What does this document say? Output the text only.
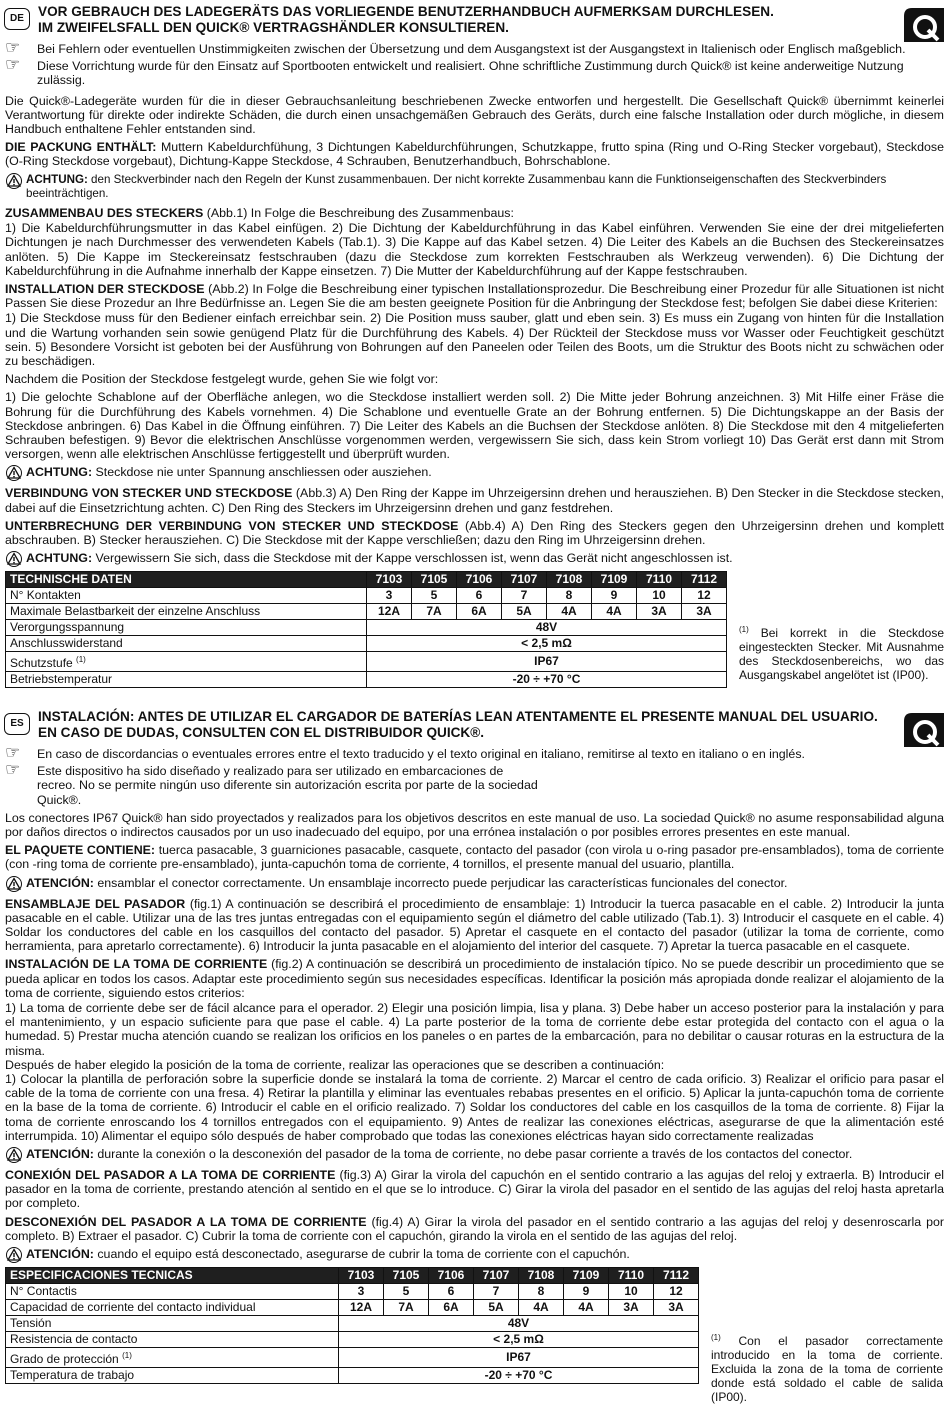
DE	VOR GEBRAUCH DES LADEGERÄTS DAS VORLIEGENDE BENUTZERHANDBUCH AUFMERKSAM DURCHLESEN.
IM ZWEIFELSFALL DEN QUICK® VERTRAGSHÄNDLER KONSULTIEREN.
☞ Bei Fehlern oder eventuellen Unstimmigkeiten zwischen der Übersetzung und dem Ausgangstext ist der Ausgangstext in Italienisch oder Englisch maßgeblich.
☞ Diese Vorrichtung wurde für den Einsatz auf Sportbooten entwickelt und realisiert. Ohne schriftliche Zustimmung durch Quick® ist keine anderweitige Nutzung zulässig.

Die Quick®-Ladegeräte wurden für die in dieser Gebrauchsanleitung beschriebenen Zwecke entworfen und hergestellt. Die Gesellschaft Quick® übernimmt keinerlei Verantwortung für direkte oder indirekte Schäden, die durch einen unsachgemäßen Gebrauch des Geräts, durch eine falsche Installation oder durch mögliche, in diesem Handbuch enthaltene Fehler entstanden sind.

DIE PACKUNG ENTHÄLT: Muttern Kabeldurchfühung, 3 Dichtungen Kabeldurchführungen, Schutzkappe, frutto spina (Ring und O-Ring Stecker vorgebaut), Steckdose (O-Ring Steckdose vorgebaut), Dichtung-Kappe Steckdose, 4 Schrauben, Benutzerhandbuch, Bohrschablone.

ACHTUNG: den Steckverbinder nach den Regeln der Kunst zusammenbauen. Der nicht korrekte Zusammenbau kann die Funktionseigenschaften des Steckverbinders beeinträchtigen.

ZUSAMMENBAU DES STECKERS (Abb.1) In Folge die Beschreibung des Zusammenbaus:

1) Die Kabeldurchführungsmutter in das Kabel einfügen. 2) Die Dichtung der Kabeldurchführung in das Kabel einführen. Verwenden Sie eine der drei mitgelieferten Dichtungen je nach Durchmesser des verwendeten Kabels (Tab.1). 3) Die Kappe auf das Kabel setzen. 4) Die Leiter des Kabels an die Buchsen des Steckereinsatzes anlöten. 5) Die Kappe im Steckereinsatz festschrauben (dazu die Steckdose zum korrekten Festschrauben als Werkzeug verwenden). 6) Die Dichtung der Kabeldurchführung in die Aufnahme innerhalb der Kappe einsetzen. 7) Die Mutter der Kabeldurchführung auf der Kappe festschrauben.

INSTALLATION DER STECKDOSE (Abb.2) In Folge die Beschreibung einer typischen Installationsprozedur. Die Beschreibung einer Prozedur für alle Situationen ist nicht Passen Sie diese Prozedur an Ihre Bedürfnisse an. Legen Sie die am besten geeignete Position für die Anbringung der Steckdose fest; befolgen Sie dabei diese Kriterien:

1) Die Steckdose muss für den Bediener einfach erreichbar sein. 2) Die Position muss sauber, glatt und eben sein. 3) Es muss ein Zugang von hinten für die Installation und die Wartung vorhanden sein sowie genügend Platz für die Durchführung des Kabels. 4) Der Rückteil der Steckdose muss vor Wasser oder Feuchtigkeit geschützt sein. 5) Besondere Vorsicht ist geboten bei der Ausführung von Bohrungen auf den Paneelen oder Teilen des Boots, um die Struktur des Boots nicht zu schwächen oder zu beschädigen.

Nachdem die Position der Steckdose festgelegt wurde, gehen Sie wie folgt vor:

1) Die gelochte Schablone auf der Oberfläche anlegen, wo die Steckdose installiert werden soll. 2) Die Mitte jeder Bohrung anzeichnen. 3) Mit Hilfe einer Fräse die Bohrung für die Durchführung des Kabels vornehmen. 4) Die Schablone und eventuelle Grate an der Bohrung entfernen. 5) Die Dichtungskappe an der Basis der Steckdose anbringen. 6) Das Kabel in die Öffnung einführen. 7) Die Leiter des Kabels an die Buchsen der Steckdose anlöten. 8) Die Steckdose mit den 4 mitgelieferten Schrauben befestigen. 9) Bevor die elektrischen Anschlüsse vorgenommen werden, vergewissern Sie sich, dass kein Strom vorliegt 10) Das Gerät erst dann mit Strom versorgen, wenn alle elektrischen Anschlüsse fertiggestellt und überprüft wurden.

ACHTUNG: Steckdose nie unter Spannung anschliessen oder ausziehen.

VERBINDUNG VON STECKER UND STECKDOSE (Abb.3) A) Den Ring der Kappe im Uhrzeigersinn drehen und herausziehen. B) Den Stecker in die Steckdose stecken, dabei auf die Einsetzrichtung achten. C) Den Ring des Steckers im Uhrzeigersinn drehen und ganz festdrehen.

UNTERBRECHUNG DER VERBINDUNG VON STECKER UND STECKDOSE (Abb.4) A) Den Ring des Steckers gegen den Uhrzeigersinn drehen und komplett abschrauben. B) Stecker herausziehen. C) Die Steckdose mit der Kappe verschließen; dazu den Ring im Uhrzeigersinn drehen.

ACHTUNG: Vergewissern Sie sich, dass die Steckdose mit der Kappe verschlossen ist, wenn das Gerät nicht angeschlossen ist.
TECHNISCHE DATEN	7103	7105	7106	7107	7108	7109	7110	7112
N° Kontakten	3	5	6	7	8	9	10	12
Maximale Belastbarkeit der einzelne Anschluss	12A	7A	6A	5A	4A	4A	3A	3A
Verorgungsspannung	48V							
Anschlusswiderstand	< 2,5 mΩ							
Schutzstufe $^{(1)}$	IP67							
Betriebstemperatur	-20 ÷ +70 °C							
$^{(1)}$ Bei korrekt in die Steckdose eingesteckten Stecker. Mit Ausnahme des Steckdosenbereichs, wo das Ausgangskabel angelötet ist (IP00).
ES	INSTALACIÓN: ANTES DE UTILIZAR EL CARGADOR DE BATERÍAS LEAN ATENTAMENTE EL PRESENTE MANUAL DEL USUARIO.
EN CASO DE DUDAS, CONSULTEN CON EL DISTRIBUIDOR QUICK®.
☞ En caso de discordancias o eventuales errores entre el texto traducido y el texto original en italiano, remitirse al texto en italiano o en inglés.
☞ Este dispositivo ha sido diseñado y realizado para ser utilizado en embarcaciones de recreo. No se permite ningún uso diferente sin autorización escrita por parte de la sociedad Quick®.

Los conectores IP67 Quick® han sido proyectados y realizados para los objetivos descritos en este manual de uso. La sociedad Quick® no asume responsabilidad alguna por daños directos o indirectos causados por un uso inadecuado del equipo, por una errónea instalación o por posibles errores presentes en este manual.

EL PAQUETE CONTIENE: tuerca pasacable, 3 guarniciones pasacable, casquete, contacto del pasador (con virola u o-ring pasador pre-ensamblados), toma de corriente (con -ring toma de corriente pre-ensamblado), junta-capuchón toma de corriente, 4 tornillos, el presente manual del usuario, plantilla.

ATENCIÓN: ensamblar el conector correctamente. Un ensamblaje incorrecto puede perjudicar las características funcionales del conector.

ENSAMBLAJE DEL PASADOR (fig.1) A continuación se describirá el procedimiento de ensamblaje: 1) Introducir la tuerca pasacable en el cable. 2) Introducir la junta pasacable en el cable. Utilizar una de las tres juntas entregadas con el equipamiento según el diámetro del cable utilizado (Tab.1). 3) Introducir el casquete en el cable. 4) Soldar los conductores del cable en los casquillos del contacto del pasador. 5) Apretar el casquete en el contacto del pasador (utilizar la toma de corriente, como herramienta, para apretarlo correctamente). 6) Introducir la junta pasacable en el alojamiento del interior del casquete. 7) Apretar la tuerca pasacable en el casquete.

INSTALACIÓN DE LA TOMA DE CORRIENTE (fig.2) A continuación se describirá un procedimiento de instalación típico. No se puede describir un procedimiento que se pueda aplicar en todos los casos. Adaptar este procedimiento según sus necesidades específicas. Identificar la posición más apropiada donde realizar el alojamiento de la toma de corriente, siguiendo estos criterios:

1) La toma de corriente debe ser de fácil alcance para el operador. 2) Elegir una posición limpia, lisa y plana. 3) Debe haber un acceso posterior para la instalación y para el mantenimiento, y un espacio suficiente para que pase el cable. 4) La parte posterior de la toma de corriente debe estar protegida del contacto con el agua o la humedad. 5) Prestar mucha atención cuando se realizan los orificios en los paneles o en partes de la embarcación, para no debilitar o causar roturas en la estructura de la misma.

Después de haber elegido la posición de la toma de corriente, realizar las operaciones que se describen a continuación:

1) Colocar la plantilla de perforación sobre la superficie donde se instalará la toma de corriente. 2) Marcar el centro de cada orificio. 3) Realizar el orificio para pasar el cable de la toma de corriente con una fresa. 4) Retirar la plantilla y eliminar las eventuales rebabas presentes en el orificio. 5) Aplicar la junta-capuchón toma de corriente en la base de la toma de corriente. 6) Introducir el cable en el orificio realizado. 7) Soldar los conductores del cable en los casquillos de la toma de corriente. 8) Fijar la toma de corriente enroscando los 4 tornillos entregados con el equipamiento. 9) Antes de realizar las conexiones eléctricas, asegurarse de que la alimentación esté interrumpida. 10) Alimentar el equipo sólo después de haber comprobado que todas las conexiones eléctricas hayan sido correctamente realizadas

ATENCIÓN: durante la conexión o la desconexión del pasador de la toma de corriente, no debe pasar corriente a través de los contactos del conector.

CONEXIÓN DEL PASADOR A LA TOMA DE CORRIENTE (fig.3) A) Girar la virola del capuchón en el sentido contrario a las agujas del reloj y extraerla. B) Introducir el pasador en la toma de corriente, prestando atención al sentido en el que se lo introduce. C) Girar la virola del pasador en el sentido de las agujas del reloj hasta apretarla por completo.

DESCONEXIÓN DEL PASADOR A LA TOMA DE CORRIENTE (fig.4) A) Girar la virola del pasador en el sentido contrario a las agujas del reloj y desenroscarla por completo. B) Extraer el pasador. C) Cubrir la toma de corriente con el capuchón, girando la virola en el sentido de las agujas del reloj.

ATENCIÓN: cuando el equipo está desconectado, asegurarse de cubrir la toma de corriente con el capuchón.
ESPECIFICACIONES TECNICAS	7103	7105	7106	7107	7108	7109	7110	7112
N° Contactis	3	5	6	7	8	9	10	12
Capacidad de corriente del contacto individual	12A	7A	6A	5A	4A	4A	3A	3A
Tensión	48V							
Resistencia de contacto	< 2,5 mΩ							
Grado de protección $^{(1)}$	IP67							
Temperatura de trabajo	-20 ÷ +70 °C							
$^{(1)}$ Con el pasador correctamente introducido en la toma de corriente. Excluida la zona de la toma de corriente donde está soldado el cable de salida (IP00).
